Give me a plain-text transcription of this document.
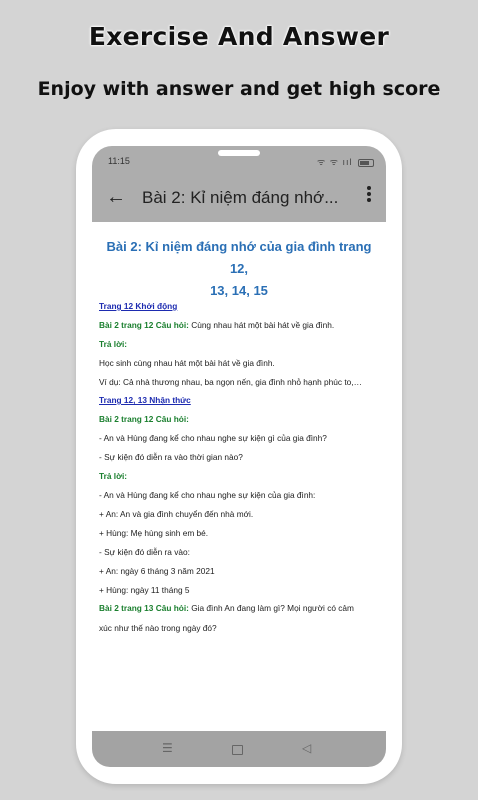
Exercise And Answer
Enjoy with answer and get high score
11:15	ᯤ ᯤ ııl
← Bài 2: Kỉ niệm đáng nhớ...
Bài 2: Kỉ niệm đáng nhớ của gia đình trang 12,
13, 14, 15
Trang 12 Khởi động
Bài 2 trang 12 Câu hỏi: Cùng nhau hát một bài hát về gia đình.
Trả lời:
Học sinh cùng nhau hát một bài hát về gia đình.
Ví dụ: Cả nhà thương nhau, ba ngọn nến, gia đình nhỏ hạnh phúc to,…
Trang 12, 13 Nhận thức
Bài 2 trang 12 Câu hỏi:
- An và Hùng đang kể cho nhau nghe sự kiện gì của gia đình?
- Sự kiện đó diễn ra vào thời gian nào?
Trả lời:
- An và Hùng đang kể cho nhau nghe sự kiện của gia đình:
+ An: An và gia đình chuyển đến nhà mới.
+ Hùng: Mẹ hùng sinh em bé.
- Sự kiện đó diễn ra vào:
+ An: ngày 6 tháng 3 năm 2021
+ Hùng: ngày 11 tháng 5
Bài 2 trang 13 Câu hỏi: Gia đình An đang làm gì? Mọi người có cảm
xúc như thế nào trong ngày đó?
☰	◁
